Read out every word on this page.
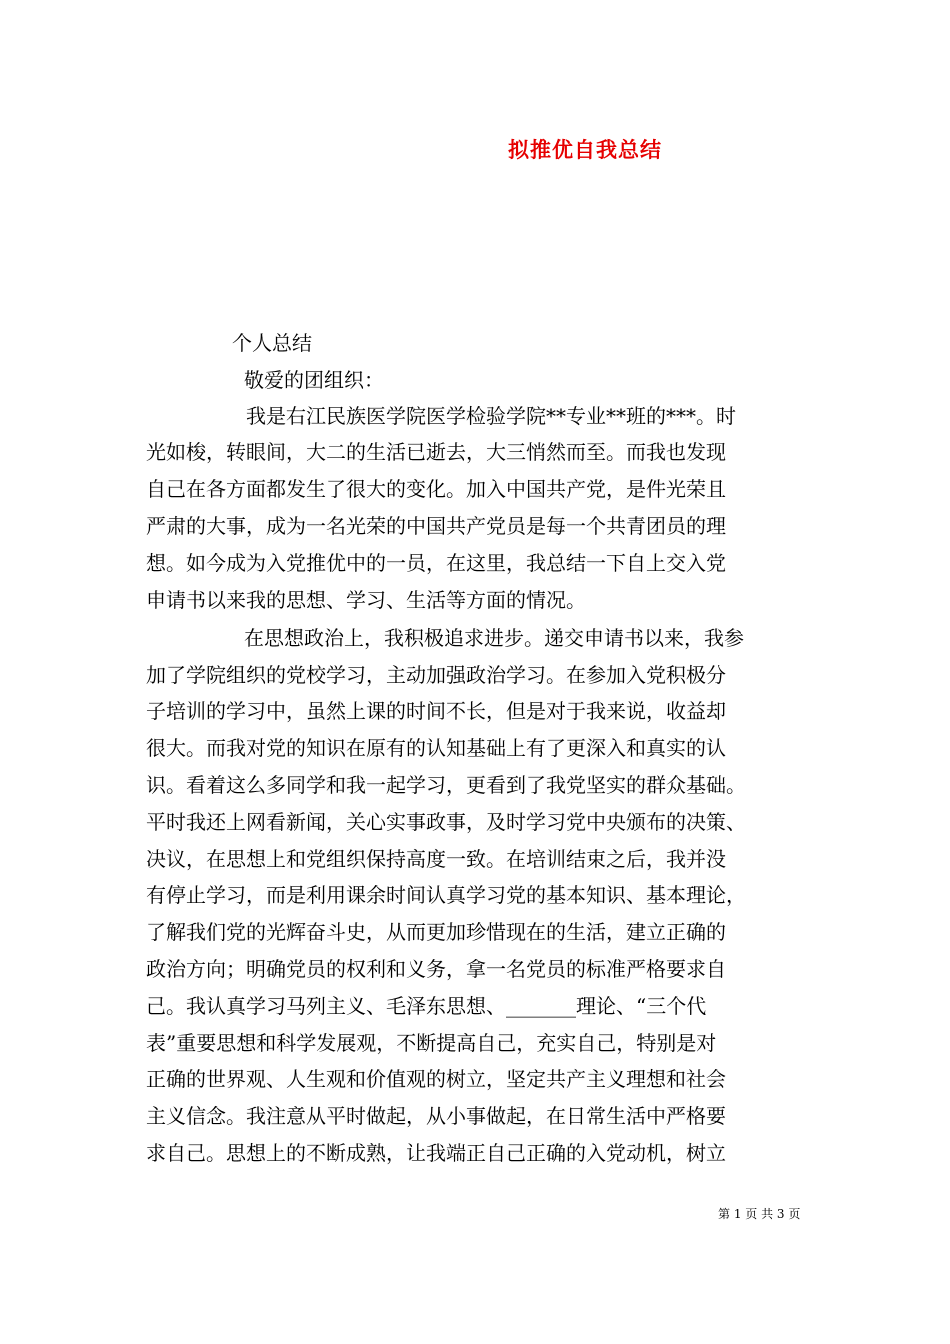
拟推优自我总结
个人总结
敬爱的团组织：
我是右江民族医学院医学检验学院**专业**班的***。时
光如梭，转眼间，大二的生活已逝去，大三悄然而至。而我也发现
自己在各方面都发生了很大的变化。加入中国共产党，是件光荣且
严肃的大事，成为一名光荣的中国共产党员是每一个共青团员的理
想。如今成为入党推优中的一员，在这里，我总结一下自上交入党
申请书以来我的思想、学习、生活等方面的情况。
在思想政治上，我积极追求进步。递交申请书以来，我参
加了学院组织的党校学习，主动加强政治学习。在参加入党积极分
子培训的学习中，虽然上课的时间不长，但是对于我来说，收益却
很大。而我对党的知识在原有的认知基础上有了更深入和真实的认
识。看着这么多同学和我一起学习，更看到了我党坚实的群众基础。
平时我还上网看新闻，关心实事政事，及时学习党中央颁布的决策、
决议，在思想上和党组织保持高度一致。在培训结束之后，我并没
有停止学习，而是利用课余时间认真学习党的基本知识、基本理论，
了解我们党的光辉奋斗史，从而更加珍惜现在的生活，建立正确的
政治方向；明确党员的权利和义务，拿一名党员的标准严格要求自
己。我认真学习马列主义、毛泽东思想、_______理论、“三个代
表”重要思想和科学发展观，不断提高自己，充实自己，特别是对
正确的世界观、人生观和价值观的树立，坚定共产主义理想和社会
主义信念。我注意从平时做起，从小事做起，在日常生活中严格要
求自己。思想上的不断成熟，让我端正自己正确的入党动机，树立
第 1 页 共 3 页
